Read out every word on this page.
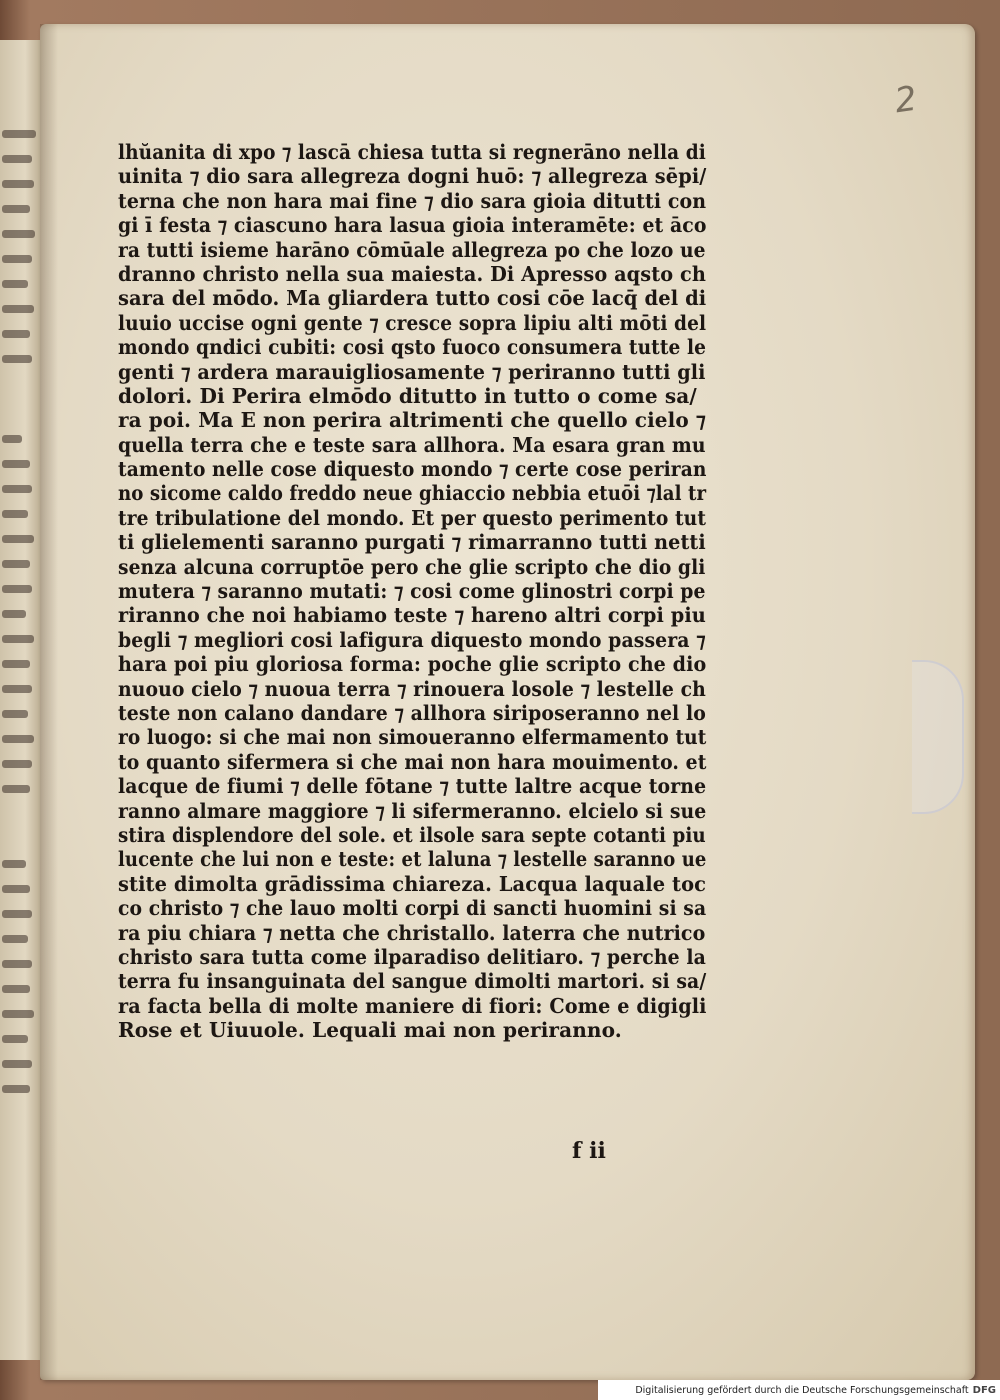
2
lhŭanita di xpo ⁊ lascā chiesa tutta si regnerāno nella di
uinita ⁊ dio sara allegreza dogni huō: ⁊ allegreza sēpi/
terna che non hara mai fine ⁊ dio sara gioia ditutti con
gi ī festa ⁊ ciascuno hara lasua gioia interamēte: et āco
ra tutti isieme harāno cōmūale allegreza po che lozo ue
dranno christo nella sua maiesta. Di Apresso aqsto ch
sara del mōdo. Ma gliardera tutto cosi cōe lacq̄ del di
luuio uccise ogni gente ⁊ cresce sopra lipiu alti mōti del
mondo qndici cubiti: cosi qsto fuoco consumera tutte le
genti ⁊ ardera marauigliosamente ⁊ periranno tutti gli
dolori. Di Perira elmōdo ditutto in tutto o come sa/
ra poi. Ma E non perira altrimenti che quello cielo ⁊
quella terra che e teste sara allhora. Ma esara gran mu
tamento nelle cose diquesto mondo ⁊ certe cose periran
no sicome caldo freddo neue ghiaccio nebbia etuōi ⁊lal tr
tre tribulatione del mondo. Et per questo perimento tut
ti glielementi saranno purgati ⁊ rimarranno tutti netti
senza alcuna corruptōe pero che glie scripto che dio gli
mutera ⁊ saranno mutati: ⁊ cosi come glinostri corpi pe
riranno che noi habiamo teste ⁊ hareno altri corpi piu
begli ⁊ megliori cosi lafigura diquesto mondo passera ⁊
hara poi piu gloriosa forma: poche glie scripto che dio
nuouo cielo ⁊ nuoua terra ⁊ rinouera losole ⁊ lestelle ch
teste non calano dandare ⁊ allhora siriposeranno nel lo
ro luogo: si che mai non simoueranno elfermamento tut
to quanto sifermera si che mai non hara mouimento. et
lacque de fiumi ⁊ delle fōtane ⁊ tutte laltre acque torne
ranno almare maggiore ⁊ li sifermeranno. elcielo si sue
stira displendore del sole. et ilsole sara septe cotanti piu
lucente che lui non e teste: et laluna ⁊ lestelle saranno ue
stite dimolta grādissima chiareza. Lacqua laquale toc
co christo ⁊ che lauo molti corpi di sancti huomini si sa
ra piu chiara ⁊ netta che christallo. laterra che nutrico
christo sara tutta come ilparadiso delitiaro. ⁊ perche la
terra fu insanguinata del sangue dimolti martori. si sa/
ra facta bella di molte maniere di fiori: Come e digigli
Rose et Uiuuole. Lequali mai non periranno.
f ii
Digitalisierung gefördert durch die Deutsche Forschungsgemeinschaft DFG
